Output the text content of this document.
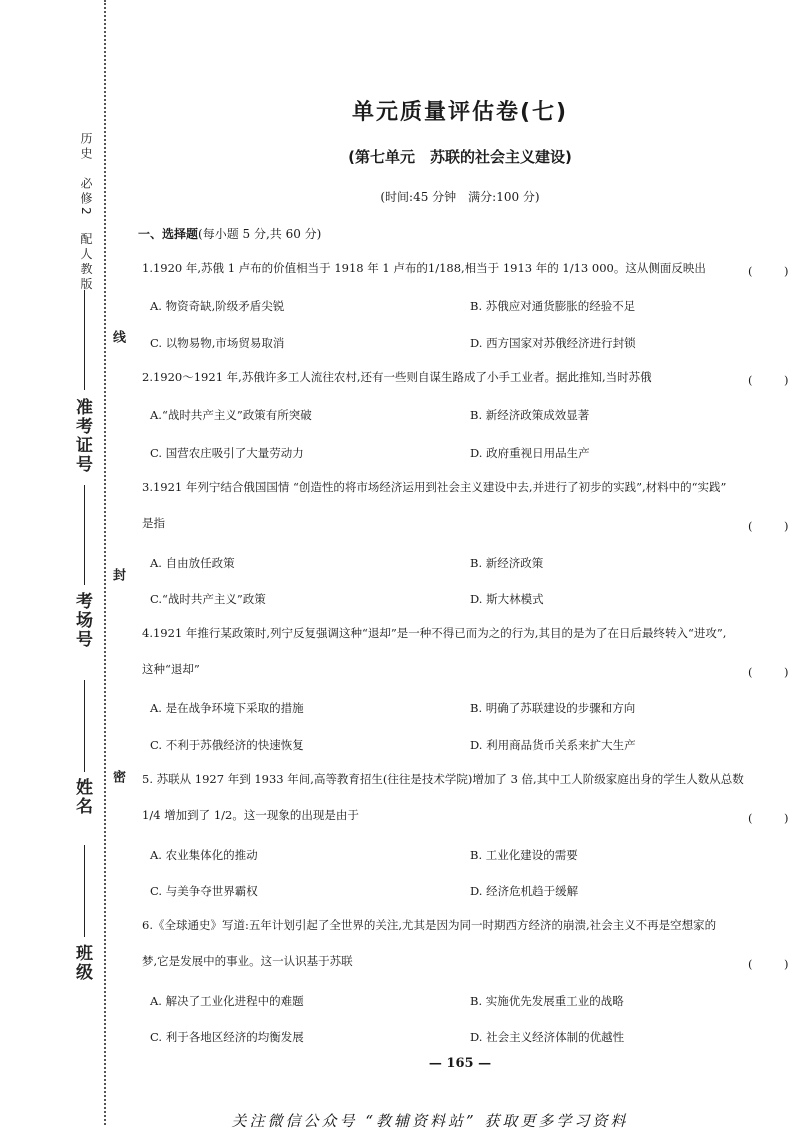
历史　必修2　配人教版
准考证号
考场号
姓名
班级
线
封
密
单元质量评估卷(七)
(第七单元　苏联的社会主义建设)
(时间:45 分钟　满分:100 分)
一、选择题(每小题 5 分,共 60 分)
1.1920 年,苏俄 1 卢布的价值相当于 1918 年 1 卢布的1/188,相当于 1913 年的 1/13 000。这从侧面反映出	(　)
A. 物资奇缺,阶级矛盾尖锐	B. 苏俄应对通货膨胀的经验不足
C. 以物易物,市场贸易取消	D. 西方国家对苏俄经济进行封锁
2.1920～1921 年,苏俄许多工人流往农村,还有一些则自谋生路成了小手工业者。据此推知,当时苏俄	(　)
A.“战时共产主义”政策有所突破	B. 新经济政策成效显著
C. 国营农庄吸引了大量劳动力	D. 政府重视日用品生产
3.1921 年列宁结合俄国国情 “创造性的将市场经济运用到社会主义建设中去,并进行了初步的实践”,材料中的“实践”
是指	(　)
A. 自由放任政策	B. 新经济政策
C.“战时共产主义”政策	D. 斯大林模式
4.1921 年推行某政策时,列宁反复强调这种“退却”是一种不得已而为之的行为,其目的是为了在日后最终转入“进攻”,
这种“退却”	(　)
A. 是在战争环境下采取的措施	B. 明确了苏联建设的步骤和方向
C. 不利于苏俄经济的快速恢复	D. 利用商品货币关系来扩大生产
5. 苏联从 1927 年到 1933 年间,高等教育招生(往往是技术学院)增加了 3 倍,其中工人阶级家庭出身的学生人数从总数
1/4 增加到了 1/2。这一现象的出现是由于	(　)
A. 农业集体化的推动	B. 工业化建设的需要
C. 与美争夺世界霸权	D. 经济危机趋于缓解
6.《全球通史》写道:五年计划引起了全世界的关注,尤其是因为同一时期西方经济的崩溃,社会主义不再是空想家的
梦,它是发展中的事业。这一认识基于苏联	(　)
A. 解决了工业化进程中的难题	B. 实施优先发展重工业的战略
C. 利于各地区经济的均衡发展	D. 社会主义经济体制的优越性
— 165 —
关注微信公众号 “教辅资料站” 获取更多学习资料
